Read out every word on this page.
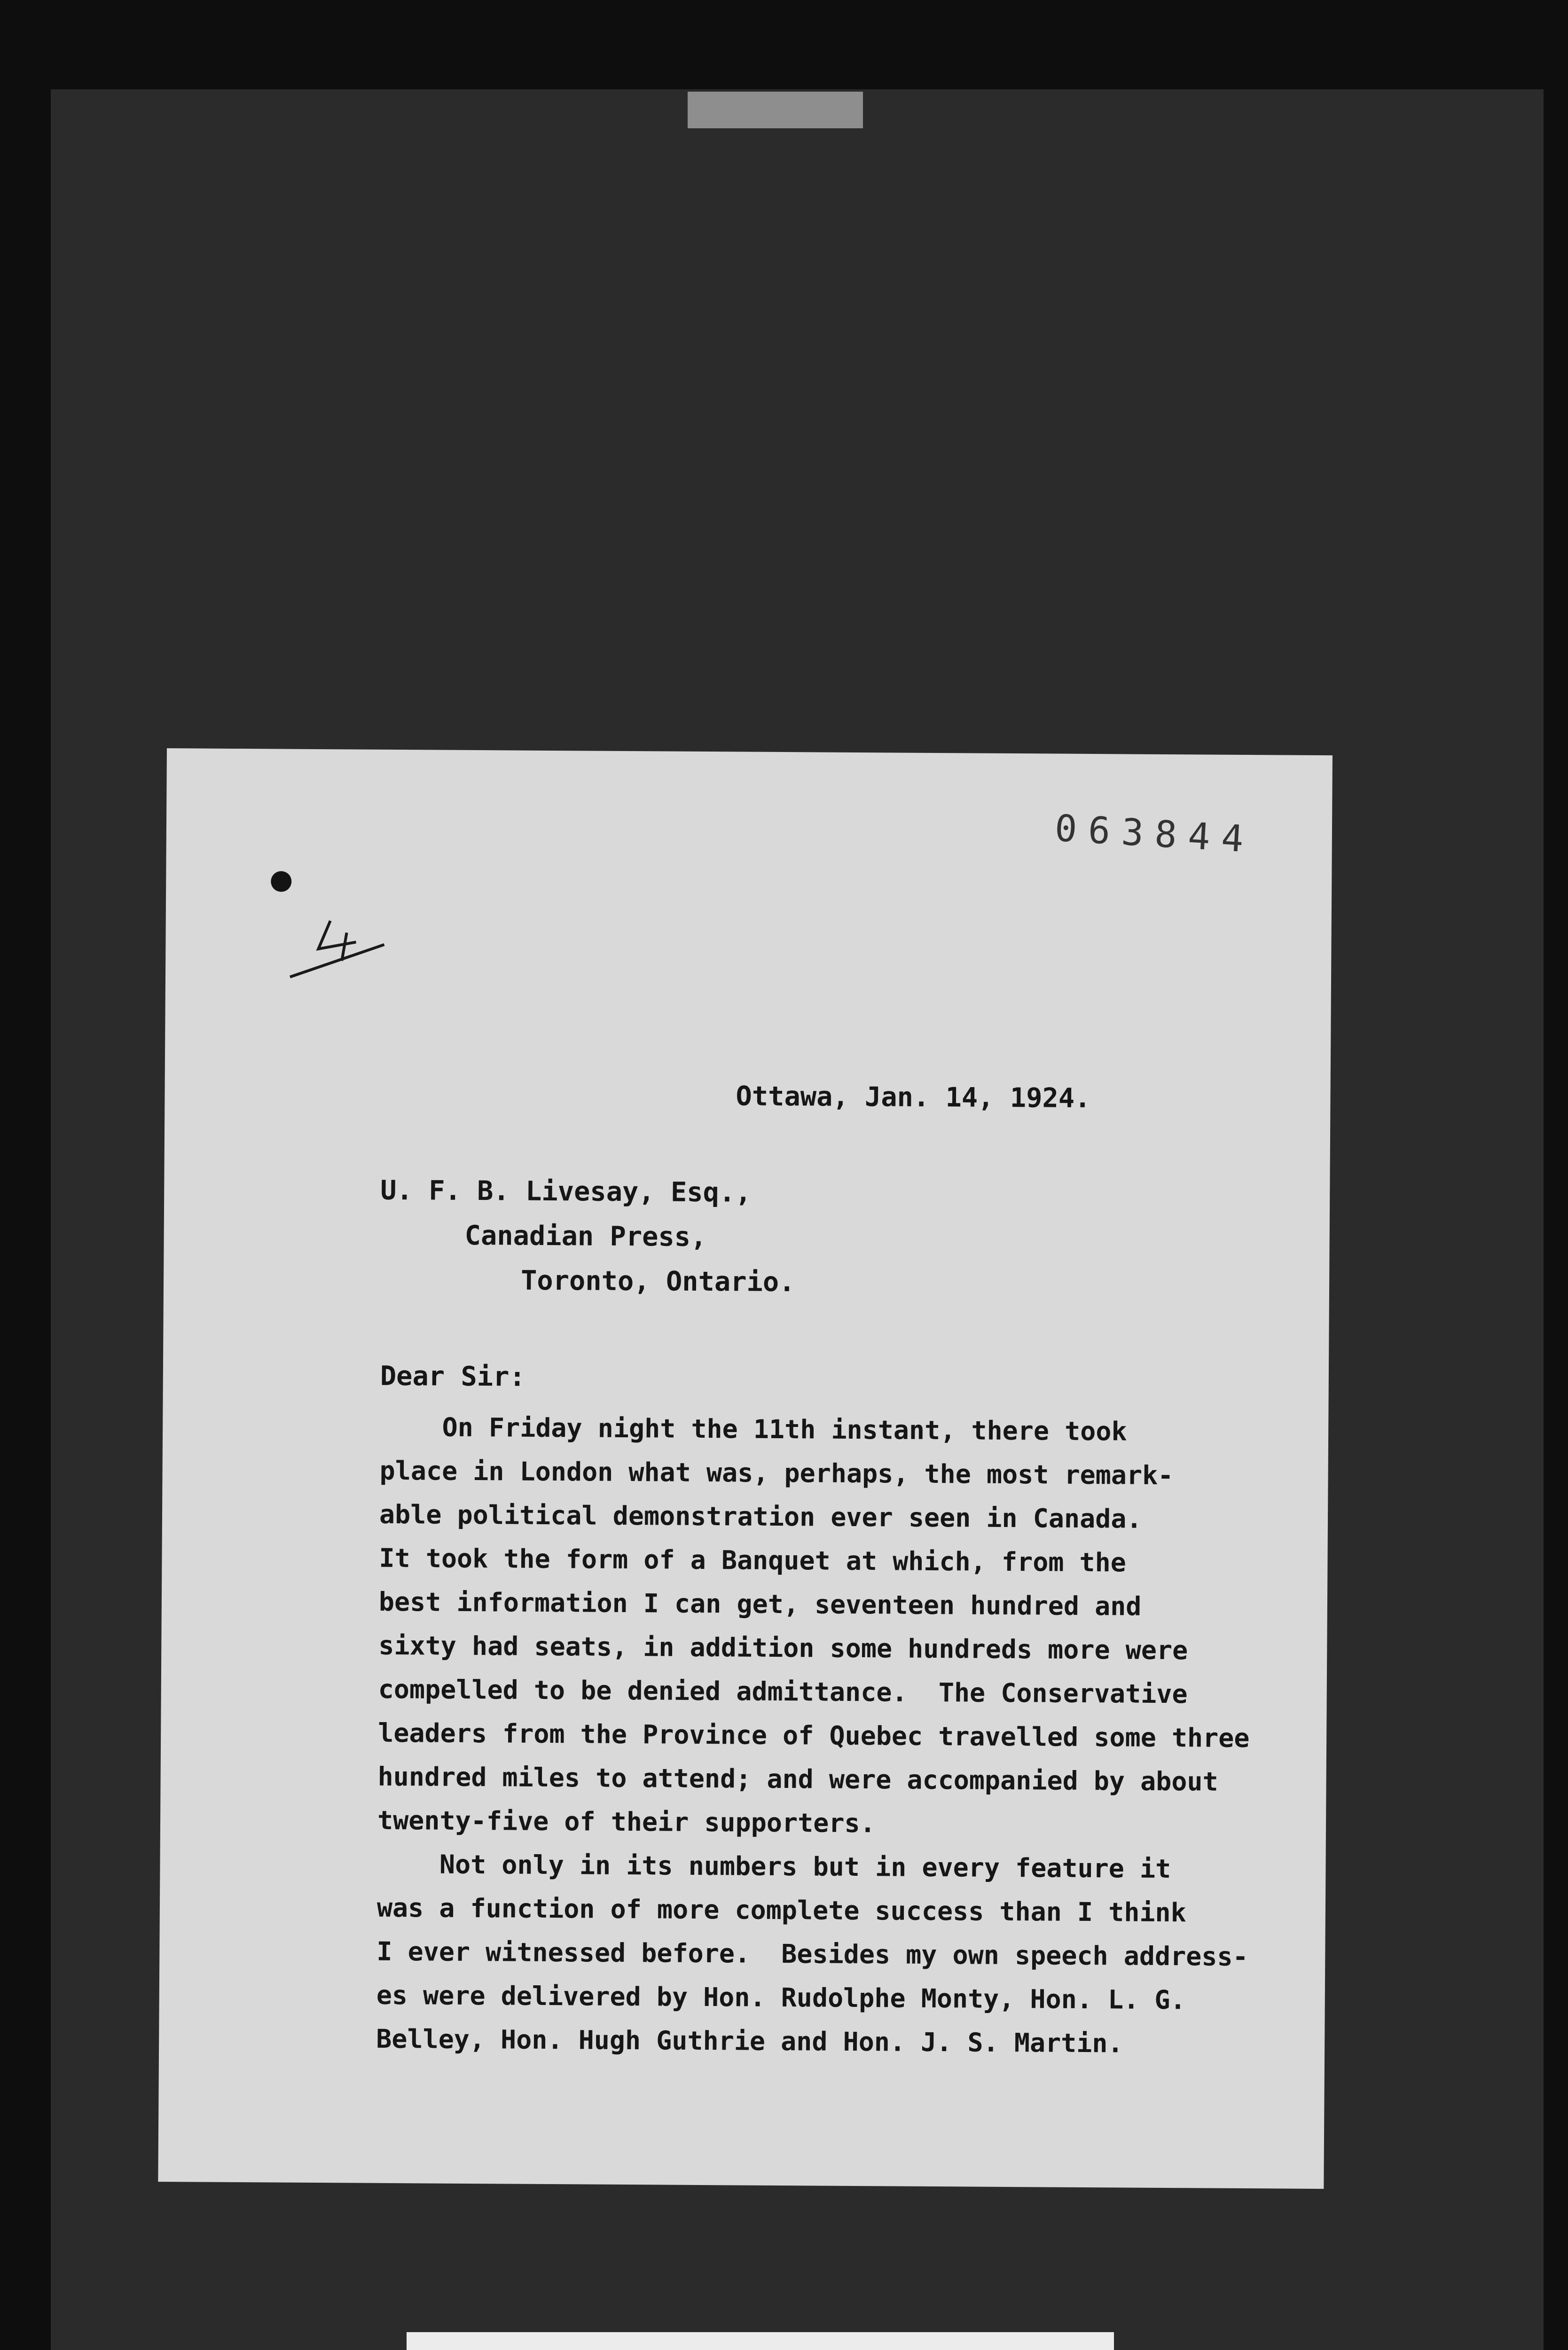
063844
Ottawa, Jan. 14, 1924.
U. F. B. Livesay, Esq.,
Canadian Press,
Toronto, Ontario.
Dear Sir:
On Friday night the 11th instant, there took
place in London what was, perhaps, the most remark-
able political demonstration ever seen in Canada.
It took the form of a Banquet at which, from the
best information I can get, seventeen hundred and
sixty had seats, in addition some hundreds more were
compelled to be denied admittance.  The Conservative
leaders from the Province of Quebec travelled some three
hundred miles to attend; and were accompanied by about
twenty-five of their supporters.
Not only in its numbers but in every feature it
was a function of more complete success than I think
I ever witnessed before.  Besides my own speech address-
es were delivered by Hon. Rudolphe Monty, Hon. L. G.
Belley, Hon. Hugh Guthrie and Hon. J. S. Martin.
